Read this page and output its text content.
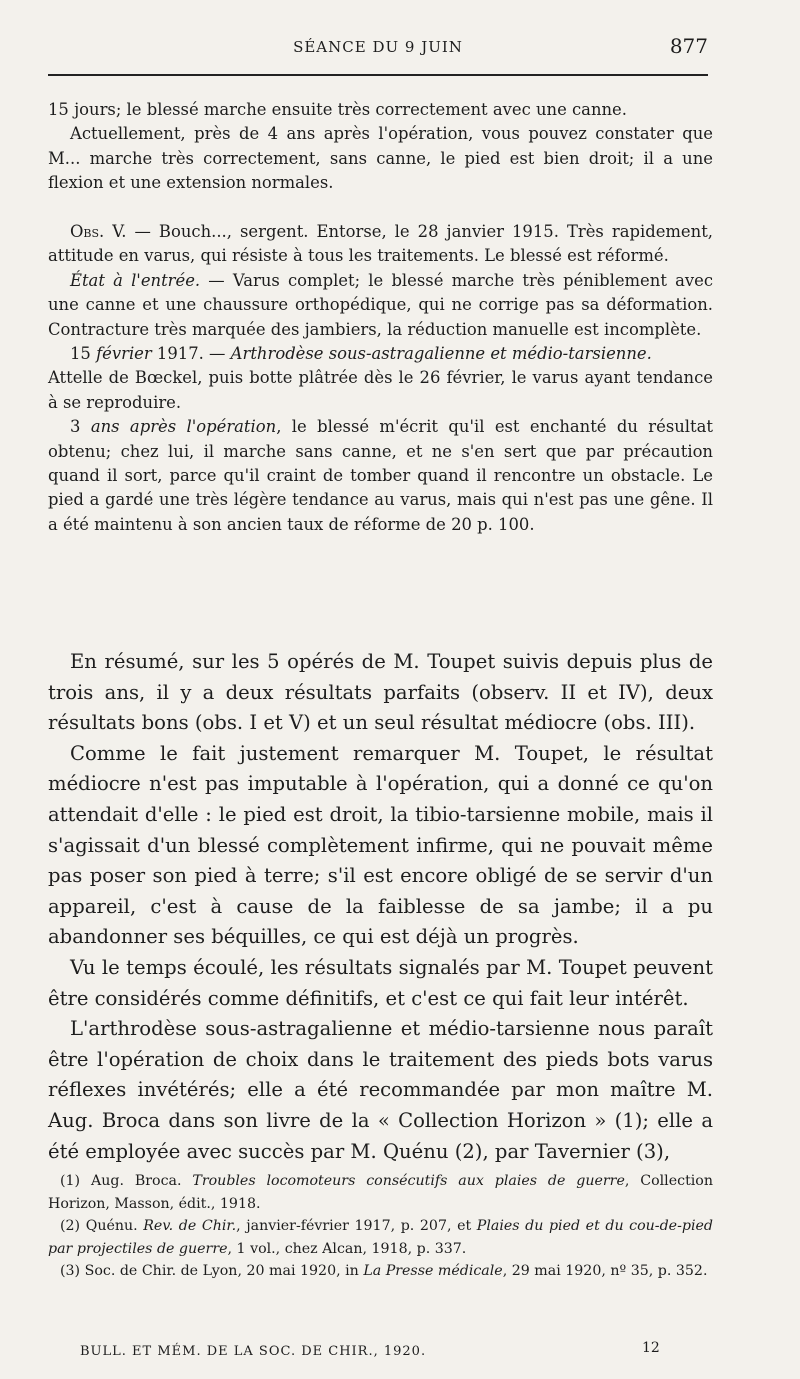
SÉANCE DU 9 JUIN	877

15 jours; le blessé marche ensuite très correctement avec une canne.

Actuellement, près de 4 ans après l'opération, vous pouvez constater que M... marche très correctement, sans canne, le pied est bien droit; il a une flexion et une extension normales.

Obs. V. — Bouch..., sergent. Entorse, le 28 janvier 1915. Très rapidement, attitude en varus, qui résiste à tous les traitements. Le blessé est réformé.

État à l'entrée. — Varus complet; le blessé marche très péniblement avec une canne et une chaussure orthopédique, qui ne corrige pas sa déformation. Contracture très marquée des jambiers, la réduction manuelle est incomplète.

15 février 1917. — Arthrodèse sous-astragalienne et médio-tarsienne.

Attelle de Bœckel, puis botte plâtrée dès le 26 février, le varus ayant tendance à se reproduire.

3 ans après l'opération, le blessé m'écrit qu'il est enchanté du résultat obtenu; chez lui, il marche sans canne, et ne s'en sert que par précaution quand il sort, parce qu'il craint de tomber quand il rencontre un obstacle. Le pied a gardé une très légère tendance au varus, mais qui n'est pas une gêne. Il a été maintenu à son ancien taux de réforme de 20 p. 100.

En résumé, sur les 5 opérés de M. Toupet suivis depuis plus de trois ans, il y a deux résultats parfaits (observ. II et IV), deux résultats bons (obs. I et V) et un seul résultat médiocre (obs. III).

Comme le fait justement remarquer M. Toupet, le résultat médiocre n'est pas imputable à l'opération, qui a donné ce qu'on attendait d'elle : le pied est droit, la tibio-tarsienne mobile, mais il s'agissait d'un blessé complètement infirme, qui ne pouvait même pas poser son pied à terre; s'il est encore obligé de se servir d'un appareil, c'est à cause de la faiblesse de sa jambe; il a pu abandonner ses béquilles, ce qui est déjà un progrès.

Vu le temps écoulé, les résultats signalés par M. Toupet peuvent être considérés comme définitifs, et c'est ce qui fait leur intérêt.

L'arthrodèse sous-astragalienne et médio-tarsienne nous paraît être l'opération de choix dans le traitement des pieds bots varus réflexes invétérés; elle a été recommandée par mon maître M. Aug. Broca dans son livre de la « Collection Horizon » (1); elle a été employée avec succès par M. Quénu (2), par Tavernier (3),

(1) Aug. Broca. Troubles locomoteurs consécutifs aux plaies de guerre, Collection Horizon, Masson, édit., 1918.

(2) Quénu. Rev. de Chir., janvier-février 1917, p. 207, et Plaies du pied et du cou-de-pied par projectiles de guerre, 1 vol., chez Alcan, 1918, p. 337.

(3) Soc. de Chir. de Lyon, 20 mai 1920, in La Presse médicale, 29 mai 1920, nº 35, p. 352.

BULL. ET MÉM. DE LA SOC. DE CHIR., 1920.	12
